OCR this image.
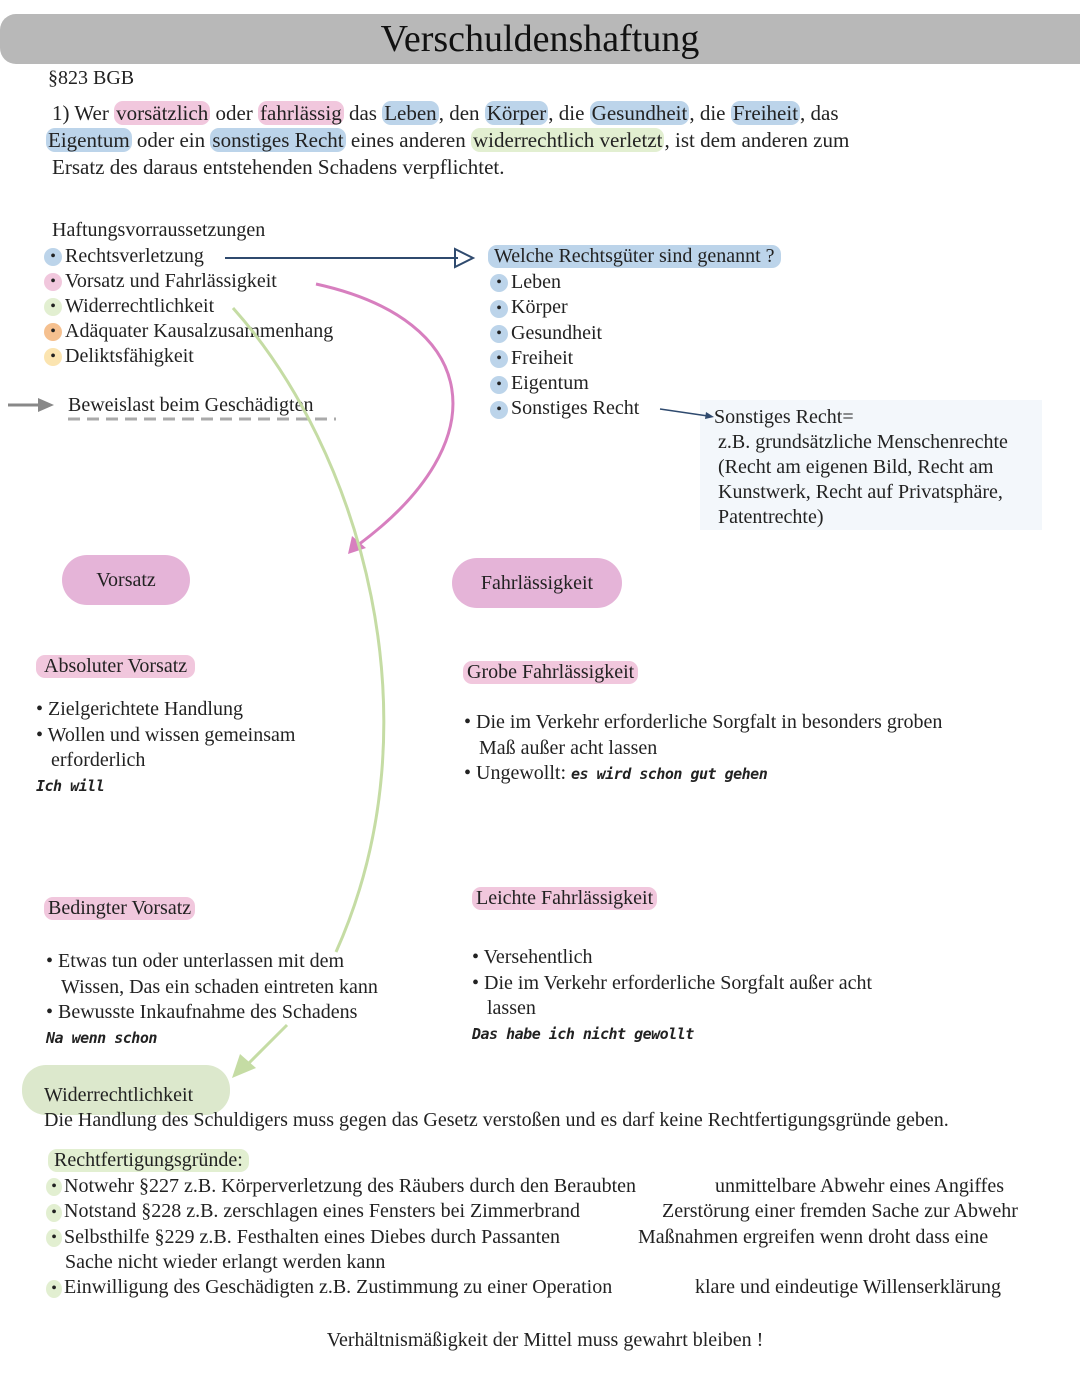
Verschuldenshaftung
§823 BGB
1) Wer vorsätzlich oder fahrlässig das Leben, den Körper, die Gesundheit, die Freiheit, das
Eigentum oder ein sonstiges Recht eines anderen widerrechtlich verletzt, ist dem anderen zum
Ersatz des daraus entstehenden Schadens verpflichtet.
Haftungsvorraussetzungen
• Rechtsverletzung
• Vorsatz und Fahrlässigkeit
• Widerrechtlichkeit
• Adäquater Kausalzusammenhang
• Deliktsfähigkeit
Beweislast beim Geschädigten
Welche Rechtsgüter sind genannt ?
• Leben
• Körper
• Gesundheit
• Freiheit
• Eigentum
• Sonstiges Recht	Sonstiges Recht=
z.B. grundsätzliche Menschenrechte
(Recht am eigenen Bild, Recht am
Kunstwerk, Recht auf Privatsphäre,
Patentrechte)
Vorsatz	Fahrlässigkeit
Absoluter Vorsatz
• Zielgerichtete Handlung
• Wollen und wissen gemeinsam
erforderlich
Ich will
Bedingter Vorsatz
• Etwas tun oder unterlassen mit dem
Wissen, Das ein schaden eintreten kann
• Bewusste Inkaufnahme des Schadens
Na wenn schon
Grobe Fahrlässigkeit
• Die im Verkehr erforderliche Sorgfalt in besonders groben
Maß außer acht lassen
• Ungewollt: es wird schon gut gehen
Leichte Fahrlässigkeit
• Versehentlich
• Die im Verkehr erforderliche Sorgfalt außer acht
lassen
Das habe ich nicht gewollt
Widerrechtlichkeit
Die Handlung des Schuldigers muss gegen das Gesetz verstoßen und es darf keine Rechtfertigungsgründe geben.
Rechtfertigungsgründe:
• Notwehr §227 z.B. Körperverletzung des Räubers durch den Beraubten	unmittelbare Abwehr eines Angiffes
• Notstand §228 z.B. zerschlagen eines Fensters bei Zimmerbrand	Zerstörung einer fremden Sache zur Abwehr
• Selbsthilfe §229 z.B. Festhalten eines Diebes durch Passanten	Maßnahmen ergreifen wenn droht dass eine
Sache nicht wieder erlangt werden kann
• Einwilligung des Geschädigten z.B. Zustimmung zu einer Operation	klare und eindeutige Willenserklärung
Verhältnismäßigkeit der Mittel muss gewahrt bleiben !
